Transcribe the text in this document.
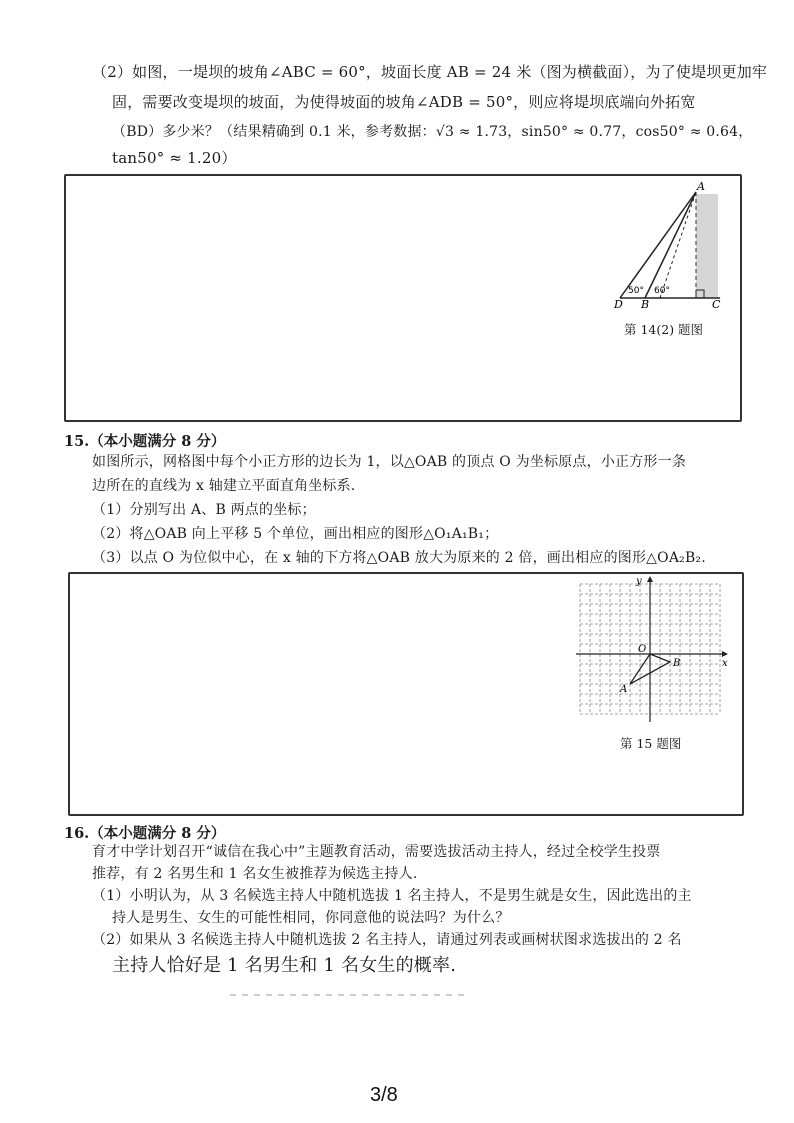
（2）如图，一堤坝的坡角∠ABC = 60°，坡面长度 AB = 24 米（图为横截面），为了使堤坝更加牢
固，需要改变堤坝的坡面，为使得坡面的坡角∠ADB = 50°，则应将堤坝底端向外拓宽
（BD）多少米？（结果精确到 0.1 米，参考数据：√3 ≈ 1.73，sin50° ≈ 0.77，cos50° ≈ 0.64，
tan50° ≈ 1.20）
A
D B	C
50° 60°
第 14(2) 题图
15.（本小题满分 8 分）
如图所示，网格图中每个小正方形的边长为 1，以△OAB 的顶点 O 为坐标原点，小正方形一条
边所在的直线为 x 轴建立平面直角坐标系.
（1）分别写出 A、B 两点的坐标；
（2）将△OAB 向上平移 5 个单位，画出相应的图形△O₁A₁B₁；
（3）以点 O 为位似中心，在 x 轴的下方将△OAB 放大为原来的 2 倍，画出相应的图形△OA₂B₂.
x
y
O
B
A
第 15 题图
16.（本小题满分 8 分）
育才中学计划召开“诚信在我心中”主题教育活动，需要选拔活动主持人，经过全校学生投票
推荐，有 2 名男生和 1 名女生被推荐为候选主持人.
（1）小明认为，从 3 名候选主持人中随机选拔 1 名主持人，不是男生就是女生，因此选出的主
持人是男生、女生的可能性相同，你同意他的说法吗？为什么？
（2）如果从 3 名候选主持人中随机选拔 2 名主持人，请通过列表或画树状图求选拔出的 2 名
主持人恰好是 1 名男生和 1 名女生的概率.
3/8
